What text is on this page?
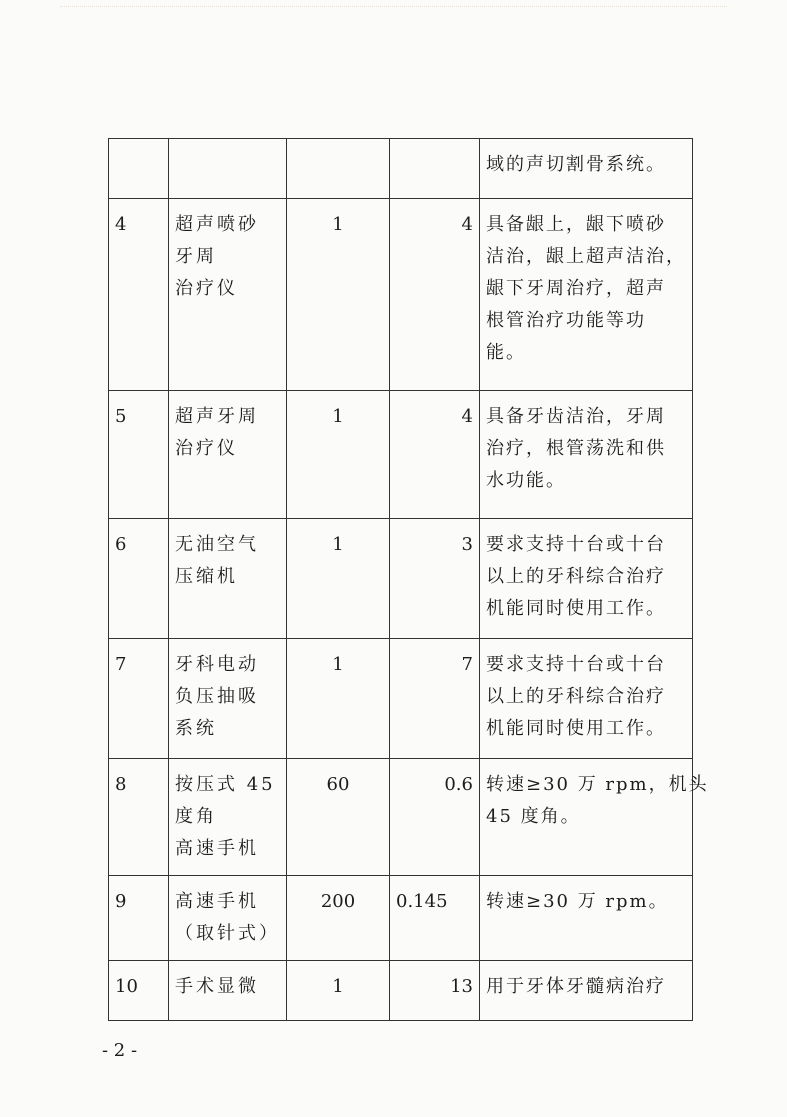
				域的声切割骨系统。

4	超声喷砂
牙周
治疗仪	1	4	具备龈上，龈下喷砂
洁治，龈上超声洁治，
龈下牙周治疗，超声
根管治疗功能等功
能。

5	超声牙周
治疗仪	1	4	具备牙齿洁治，牙周
治疗，根管荡洗和供
水功能。

6	无油空气
压缩机	1	3	要求支持十台或十台
以上的牙科综合治疗
机能同时使用工作。

7	牙科电动
负压抽吸
系统	1	7	要求支持十台或十台
以上的牙科综合治疗
机能同时使用工作。

8	按压式 45
度角
高速手机	60	0.6	转速≥30 万 rpm，机头
45 度角。

9	高速手机
（取针式）	200	0.145	转速≥30 万 rpm。

10	手术显微	1	13	用于牙体牙髓病治疗
- 2 -
